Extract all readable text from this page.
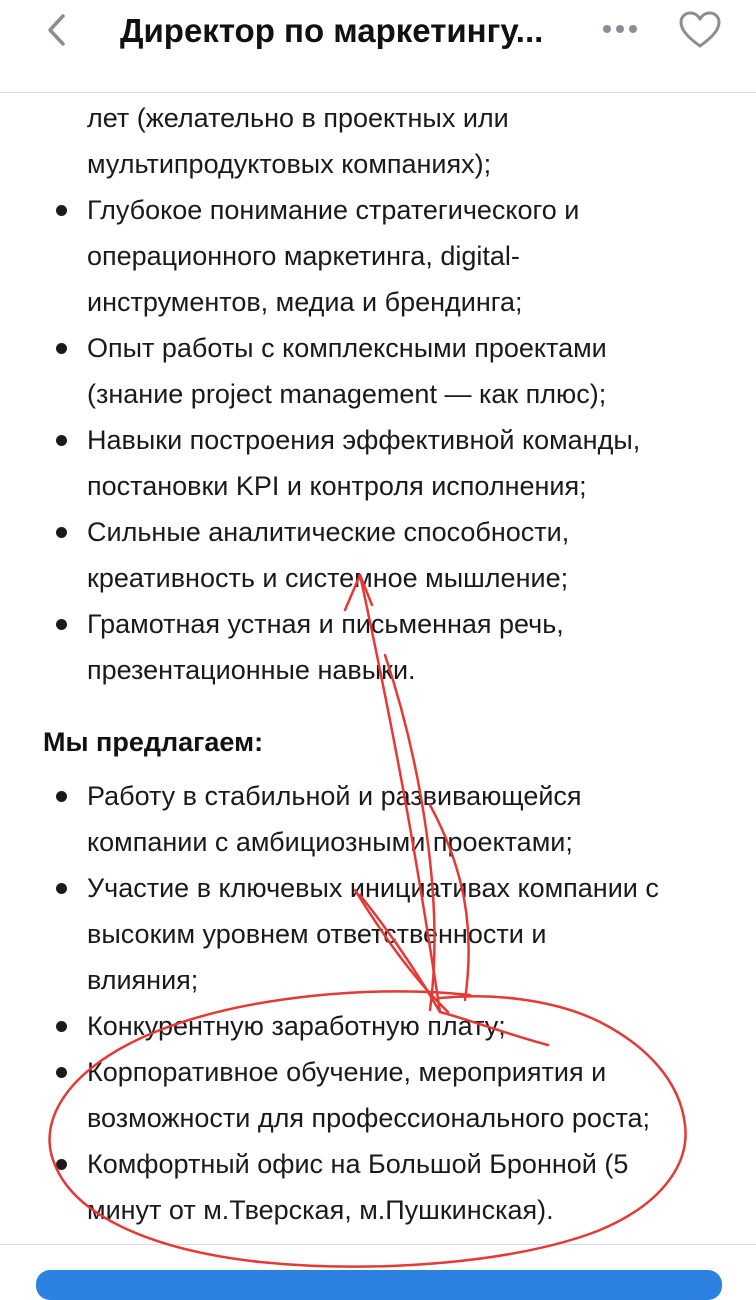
Директор по маркетингу...
лет (желательно в проектных или
мультипродуктовых компаниях);
Глубокое понимание стратегического и
операционного маркетинга, digital-
инструментов, медиа и брендинга;
Опыт работы с комплексными проектами
(знание project management — как плюс);
Навыки построения эффективной команды,
постановки KPI и контроля исполнения;
Сильные аналитические способности,
креативность и системное мышление;
Грамотная устная и письменная речь,
презентационные навыки.
Мы предлагаем:
Работу в стабильной и развивающейся
компании с амбициозными проектами;
Участие в ключевых инициативах компании с
высоким уровнем ответственности и
влияния;
Конкурентную заработную плату;
Корпоративное обучение, мероприятия и
возможности для профессионального роста;
Комфортный офис на Большой Бронной (5
минут от м.Тверская, м.Пушкинская).
